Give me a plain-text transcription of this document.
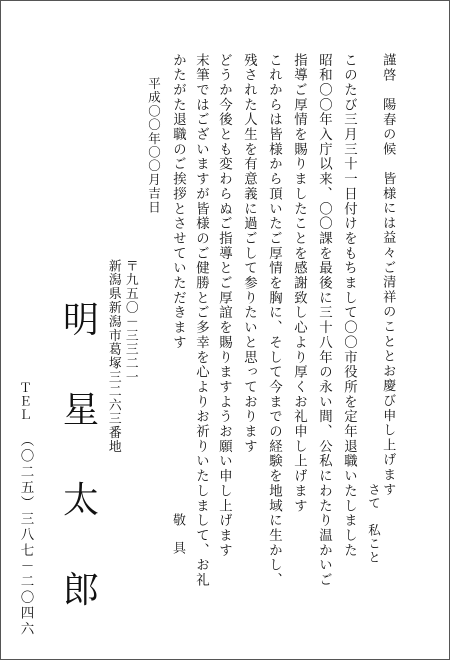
謹啓　陽春の候　皆様には益々ご清祥のこととお慶び申し上げます
さて　私こと
このたび三月三十一日付けをもちまして〇〇市役所を定年退職いたしました
昭和〇〇年入庁以来、〇〇課を最後に三十八年の永い間、公私にわたり温かいご
指導ご厚情を賜りましたことを感謝致し心より厚くお礼申し上げます
これからは皆様から頂いたご厚情を胸に、そして今までの経験を地域に生かし、
残された人生を有意義に過ごして参りたいと思っております
どうか今後とも変わらぬご指導とご厚誼を賜りますようお願い申し上げます
末筆ではございますが皆様のご健勝とご多幸を心よりお祈りいたしまして、お礼
かたがた退職のご挨拶とさせていただきます
敬　具
平成〇〇年〇〇月吉日
〒九五〇－三三二一
新潟県新潟市葛塚三二六三番地
明
星
太
郎
ＴＥＬ
（〇二五）三八七－二〇四六
